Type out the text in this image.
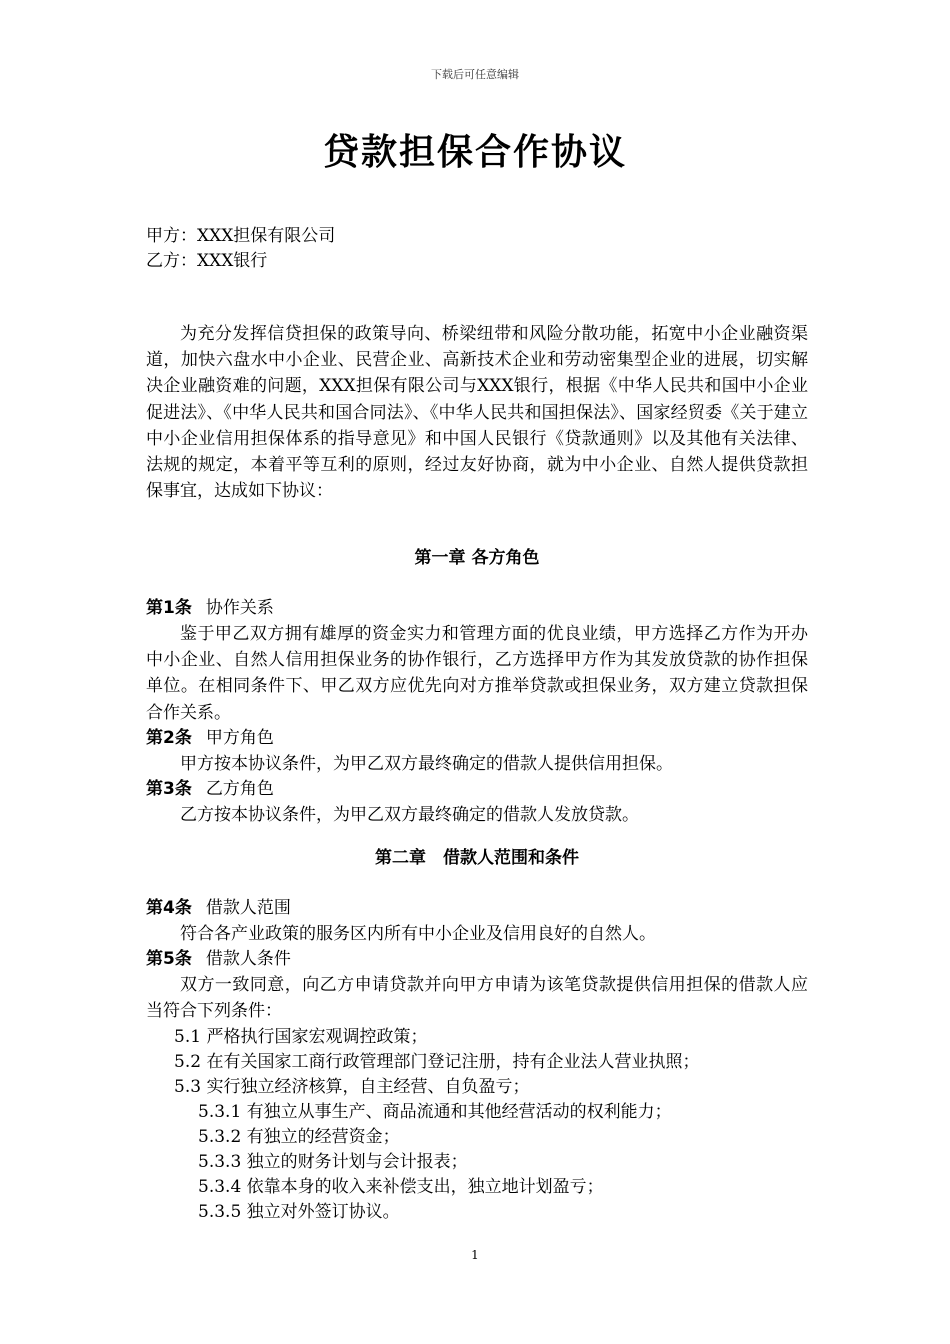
下载后可任意编辑
贷款担保合作协议
甲方：XXX担保有限公司
乙方：XXX银行
为充分发挥信贷担保的政策导向、桥梁纽带和风险分散功能，拓宽中小企业融资渠道，加快六盘水中小企业、民营企业、高新技术企业和劳动密集型企业的进展，切实解决企业融资难的问题，XXX担保有限公司与XXX银行，根据《中华人民共和国中小企业促进法》、《中华人民共和国合同法》、《中华人民共和国担保法》、国家经贸委《关于建立中小企业信用担保体系的指导意见》和中国人民银行《贷款通则》以及其他有关法律、法规的规定，本着平等互利的原则，经过友好协商，就为中小企业、自然人提供贷款担保事宜，达成如下协议：
第一章 各方角色
第1条 协作关系
鉴于甲乙双方拥有雄厚的资金实力和管理方面的优良业绩，甲方选择乙方作为开办中小企业、自然人信用担保业务的协作银行，乙方选择甲方作为其发放贷款的协作担保单位。在相同条件下、甲乙双方应优先向对方推举贷款或担保业务，双方建立贷款担保合作关系。
第2条 甲方角色
甲方按本协议条件，为甲乙双方最终确定的借款人提供信用担保。
第3条 乙方角色
乙方按本协议条件，为甲乙双方最终确定的借款人发放贷款。
第二章　借款人范围和条件
第4条 借款人范围
符合各产业政策的服务区内所有中小企业及信用良好的自然人。
第5条 借款人条件
双方一致同意，向乙方申请贷款并向甲方申请为该笔贷款提供信用担保的借款人应当符合下列条件：
5.1 严格执行国家宏观调控政策；
5.2 在有关国家工商行政管理部门登记注册，持有企业法人营业执照；
5.3 实行独立经济核算，自主经营、自负盈亏；
5.3.1 有独立从事生产、商品流通和其他经营活动的权利能力；
5.3.2 有独立的经营资金；
5.3.3 独立的财务计划与会计报表；
5.3.4 依靠本身的收入来补偿支出，独立地计划盈亏；
5.3.5 独立对外签订协议。
1
